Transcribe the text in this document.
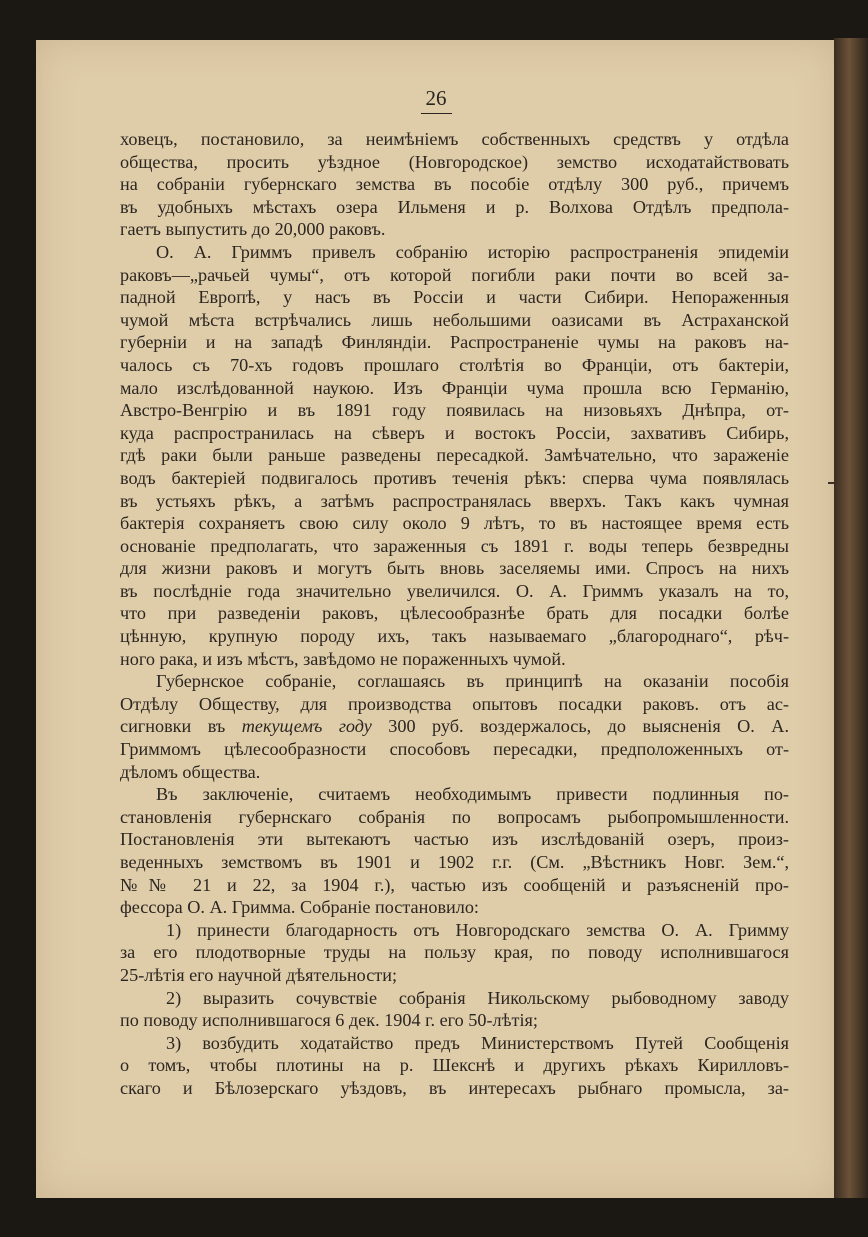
26
ховецъ, постановило, за неимѣніемъ собственныхъ средствъ у отдѣла
общества, просить уѣздное (Новгородское) земство исходатайствовать
на собраніи губернскаго земства въ пособіе отдѣлу 300 руб., причемъ
въ удобныхъ мѣстахъ озера Ильменя и р. Волхова Отдѣлъ предпола-
гаетъ выпустить до 20,000 раковъ.
О. А. Гриммъ привелъ собранію исторію распространенія эпидеміи
раковъ—„рачьей чумы“, отъ которой погибли раки почти во всей за-
падной Европѣ, у насъ въ Россіи и части Сибири. Непораженныя
чумой мѣста встрѣчались лишь небольшими оазисами въ Астраханской
губерніи и на западѣ Финляндіи. Распространеніе чумы на раковъ на-
чалось съ 70-хъ годовъ прошлаго столѣтія во Франціи, отъ бактеріи,
мало изслѣдованной наукою. Изъ Франціи чума прошла всю Германію,
Австро-Венгрію и въ 1891 году появилась на низовьяхъ Днѣпра, от-
куда распространилась на сѣверъ и востокъ Россіи, захвативъ Сибирь,
гдѣ раки были раньше разведены пересадкой. Замѣчательно, что зараженіе
водъ бактеріей подвигалось противъ теченія рѣкъ: сперва чума появлялась
въ устьяхъ рѣкъ, а затѣмъ распространялась вверхъ. Такъ какъ чумная
бактерія сохраняетъ свою силу около 9 лѣтъ, то въ настоящее время есть
основаніе предполагать, что зараженныя съ 1891 г. воды теперь безвредны
для жизни раковъ и могутъ быть вновь заселяемы ими. Спросъ на нихъ
въ послѣдніе года значительно увеличился. О. А. Гриммъ указалъ на то,
что при разведеніи раковъ, цѣлесообразнѣе брать для посадки болѣе
цѣнную, крупную породу ихъ, такъ называемаго „благороднаго“, рѣч-
ного рака, и изъ мѣстъ, завѣдомо не пораженныхъ чумой.
Губернское собраніе, соглашаясь въ принципѣ на оказаніи пособія
Отдѣлу Обществу, для производства опытовъ посадки раковъ. отъ ас-
сигновки въ текущемъ году 300 руб. воздержалось, до выясненія О. А.
Гриммомъ цѣлесообразности способовъ пересадки, предположенныхъ от-
дѣломъ общества.
Въ заключеніе, считаемъ необходимымъ привести подлинныя по-
становленія губернскаго собранія по вопросамъ рыбопромышленности.
Постановленія эти вытекаютъ частью изъ изслѣдованій озеръ, произ-
веденныхъ земствомъ въ 1901 и 1902 г.г. (См. „Вѣстникъ Новг. Зем.“,
№№ 21 и 22, за 1904 г.), частью изъ сообщеній и разъясненій про-
фессора О. А. Гримма. Собраніе постановило:
1) принести благодарность отъ Новгородскаго земства О. А. Гримму
за его плодотворные труды на пользу края, по поводу исполнившагося
25-лѣтія его научной дѣятельности;
2) выразить сочувствіе собранія Никольскому рыбоводному заводу
по поводу исполнившагося 6 дек. 1904 г. его 50-лѣтія;
3) возбудить ходатайство предъ Министерствомъ Путей Сообщенія
о томъ, чтобы плотины на р. Шекснѣ и другихъ рѣкахъ Кирилловъ-
скаго и Бѣлозерскаго уѣздовъ, въ интересахъ рыбнаго промысла, за-
